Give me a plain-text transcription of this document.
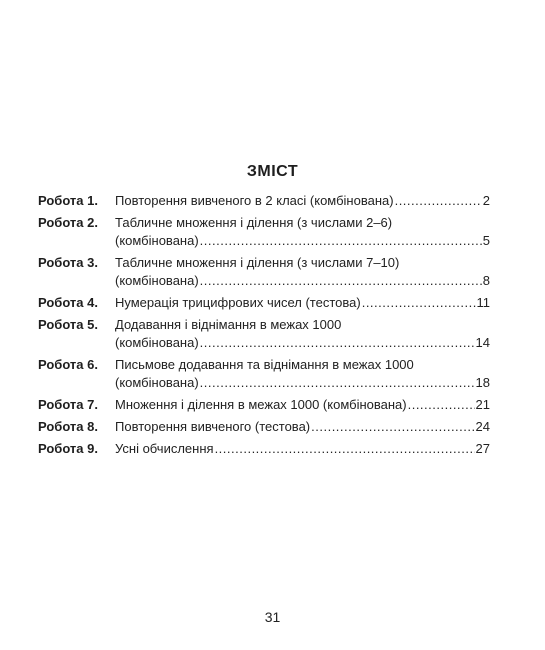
ЗМІСТ
Робота 1.	Повторення вивченого в 2 класі (комбінована) .....	2
Робота 2.	Табличне множення і ділення (з числами 2–6)
(комбінована) .....	5
Робота 3.	Табличне множення і ділення (з числами 7–10)
(комбінована) .....	8
Робота 4.	Нумерація трицифрових чисел (тестова) .....	11
Робота 5.	Додавання і віднімання в межах 1000
(комбінована) .....	14
Робота 6.	Письмове додавання та віднімання в межах 1000
(комбінована) .....	18
Робота 7.	Множення і ділення в межах 1000 (комбінована) .....	21
Робота 8.	Повторення вивченого (тестова) .....	24
Робота 9.	Усні обчислення .....	27
31
